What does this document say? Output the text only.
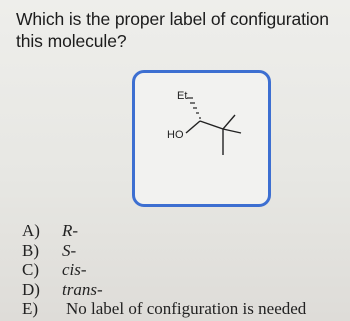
Which is the proper label of configuration
this molecule?
Et
HO
A)	R-
B)	S-
C)	cis-
D)	trans-
E)	No label of configuration is needed
